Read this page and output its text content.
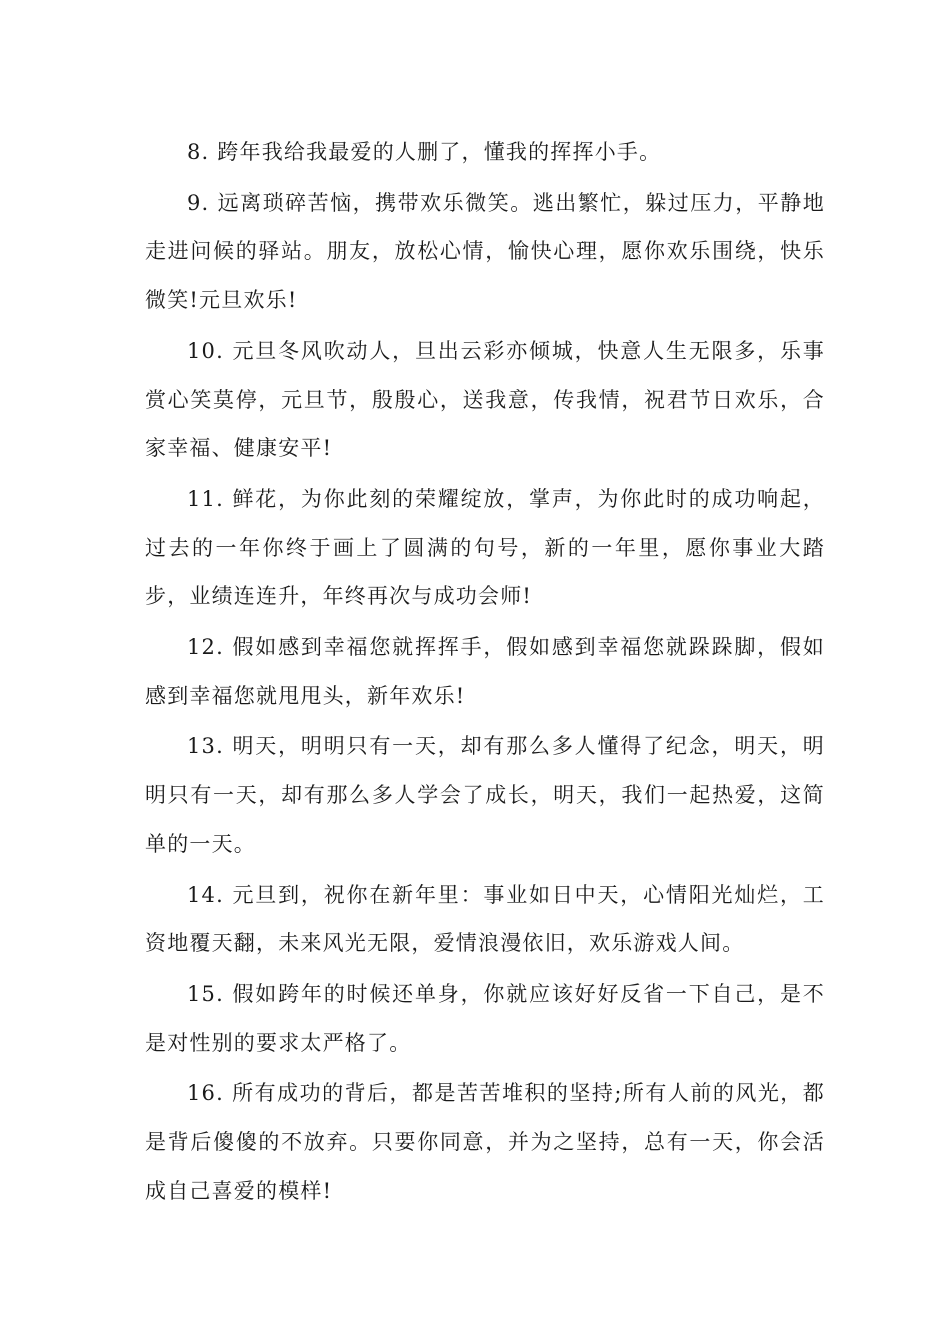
8. 跨年我给我最爱的人删了，懂我的挥挥小手。

9. 远离琐碎苦恼，携带欢乐微笑。逃出繁忙，躲过压力，平静地走进问候的驿站。朋友，放松心情，愉快心理，愿你欢乐围绕，快乐微笑!元旦欢乐!

10. 元旦冬风吹动人，旦出云彩亦倾城，快意人生无限多，乐事赏心笑莫停，元旦节，殷殷心，送我意，传我情，祝君节日欢乐，合家幸福、健康安平!

11. 鲜花，为你此刻的荣耀绽放，掌声，为你此时的成功响起，过去的一年你终于画上了圆满的句号，新的一年里，愿你事业大踏步，业绩连连升，年终再次与成功会师!

12. 假如感到幸福您就挥挥手，假如感到幸福您就跺跺脚，假如感到幸福您就甩甩头，新年欢乐!

13. 明天，明明只有一天，却有那么多人懂得了纪念，明天，明明只有一天，却有那么多人学会了成长，明天，我们一起热爱，这简单的一天。

14. 元旦到，祝你在新年里：事业如日中天，心情阳光灿烂，工资地覆天翻，未来风光无限，爱情浪漫依旧，欢乐游戏人间。

15. 假如跨年的时候还单身，你就应该好好反省一下自己，是不是对性别的要求太严格了。

16. 所有成功的背后，都是苦苦堆积的坚持;所有人前的风光，都是背后傻傻的不放弃。只要你同意，并为之坚持，总有一天，你会活成自己喜爱的模样!
